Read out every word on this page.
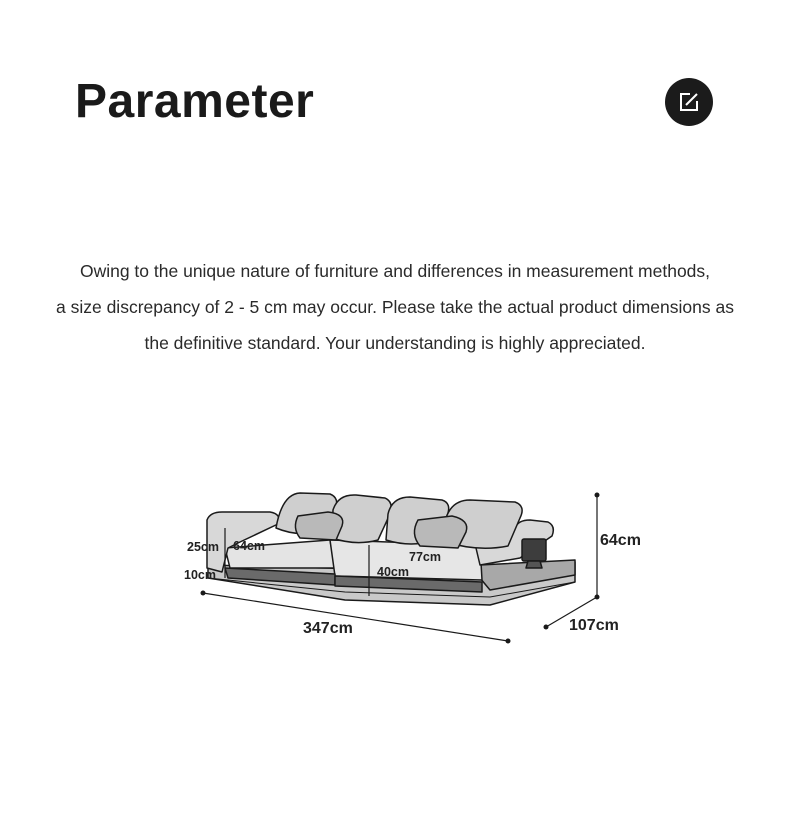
Parameter

Owing to the unique nature of furniture and differences in measurement methods,

a size discrepancy of 2 - 5 cm may occur. Please take the actual product dimensions as

the definitive standard. Your understanding is highly appreciated.

347cm	107cm
64cm
64cm
25cm
10cm
77cm
40cm
